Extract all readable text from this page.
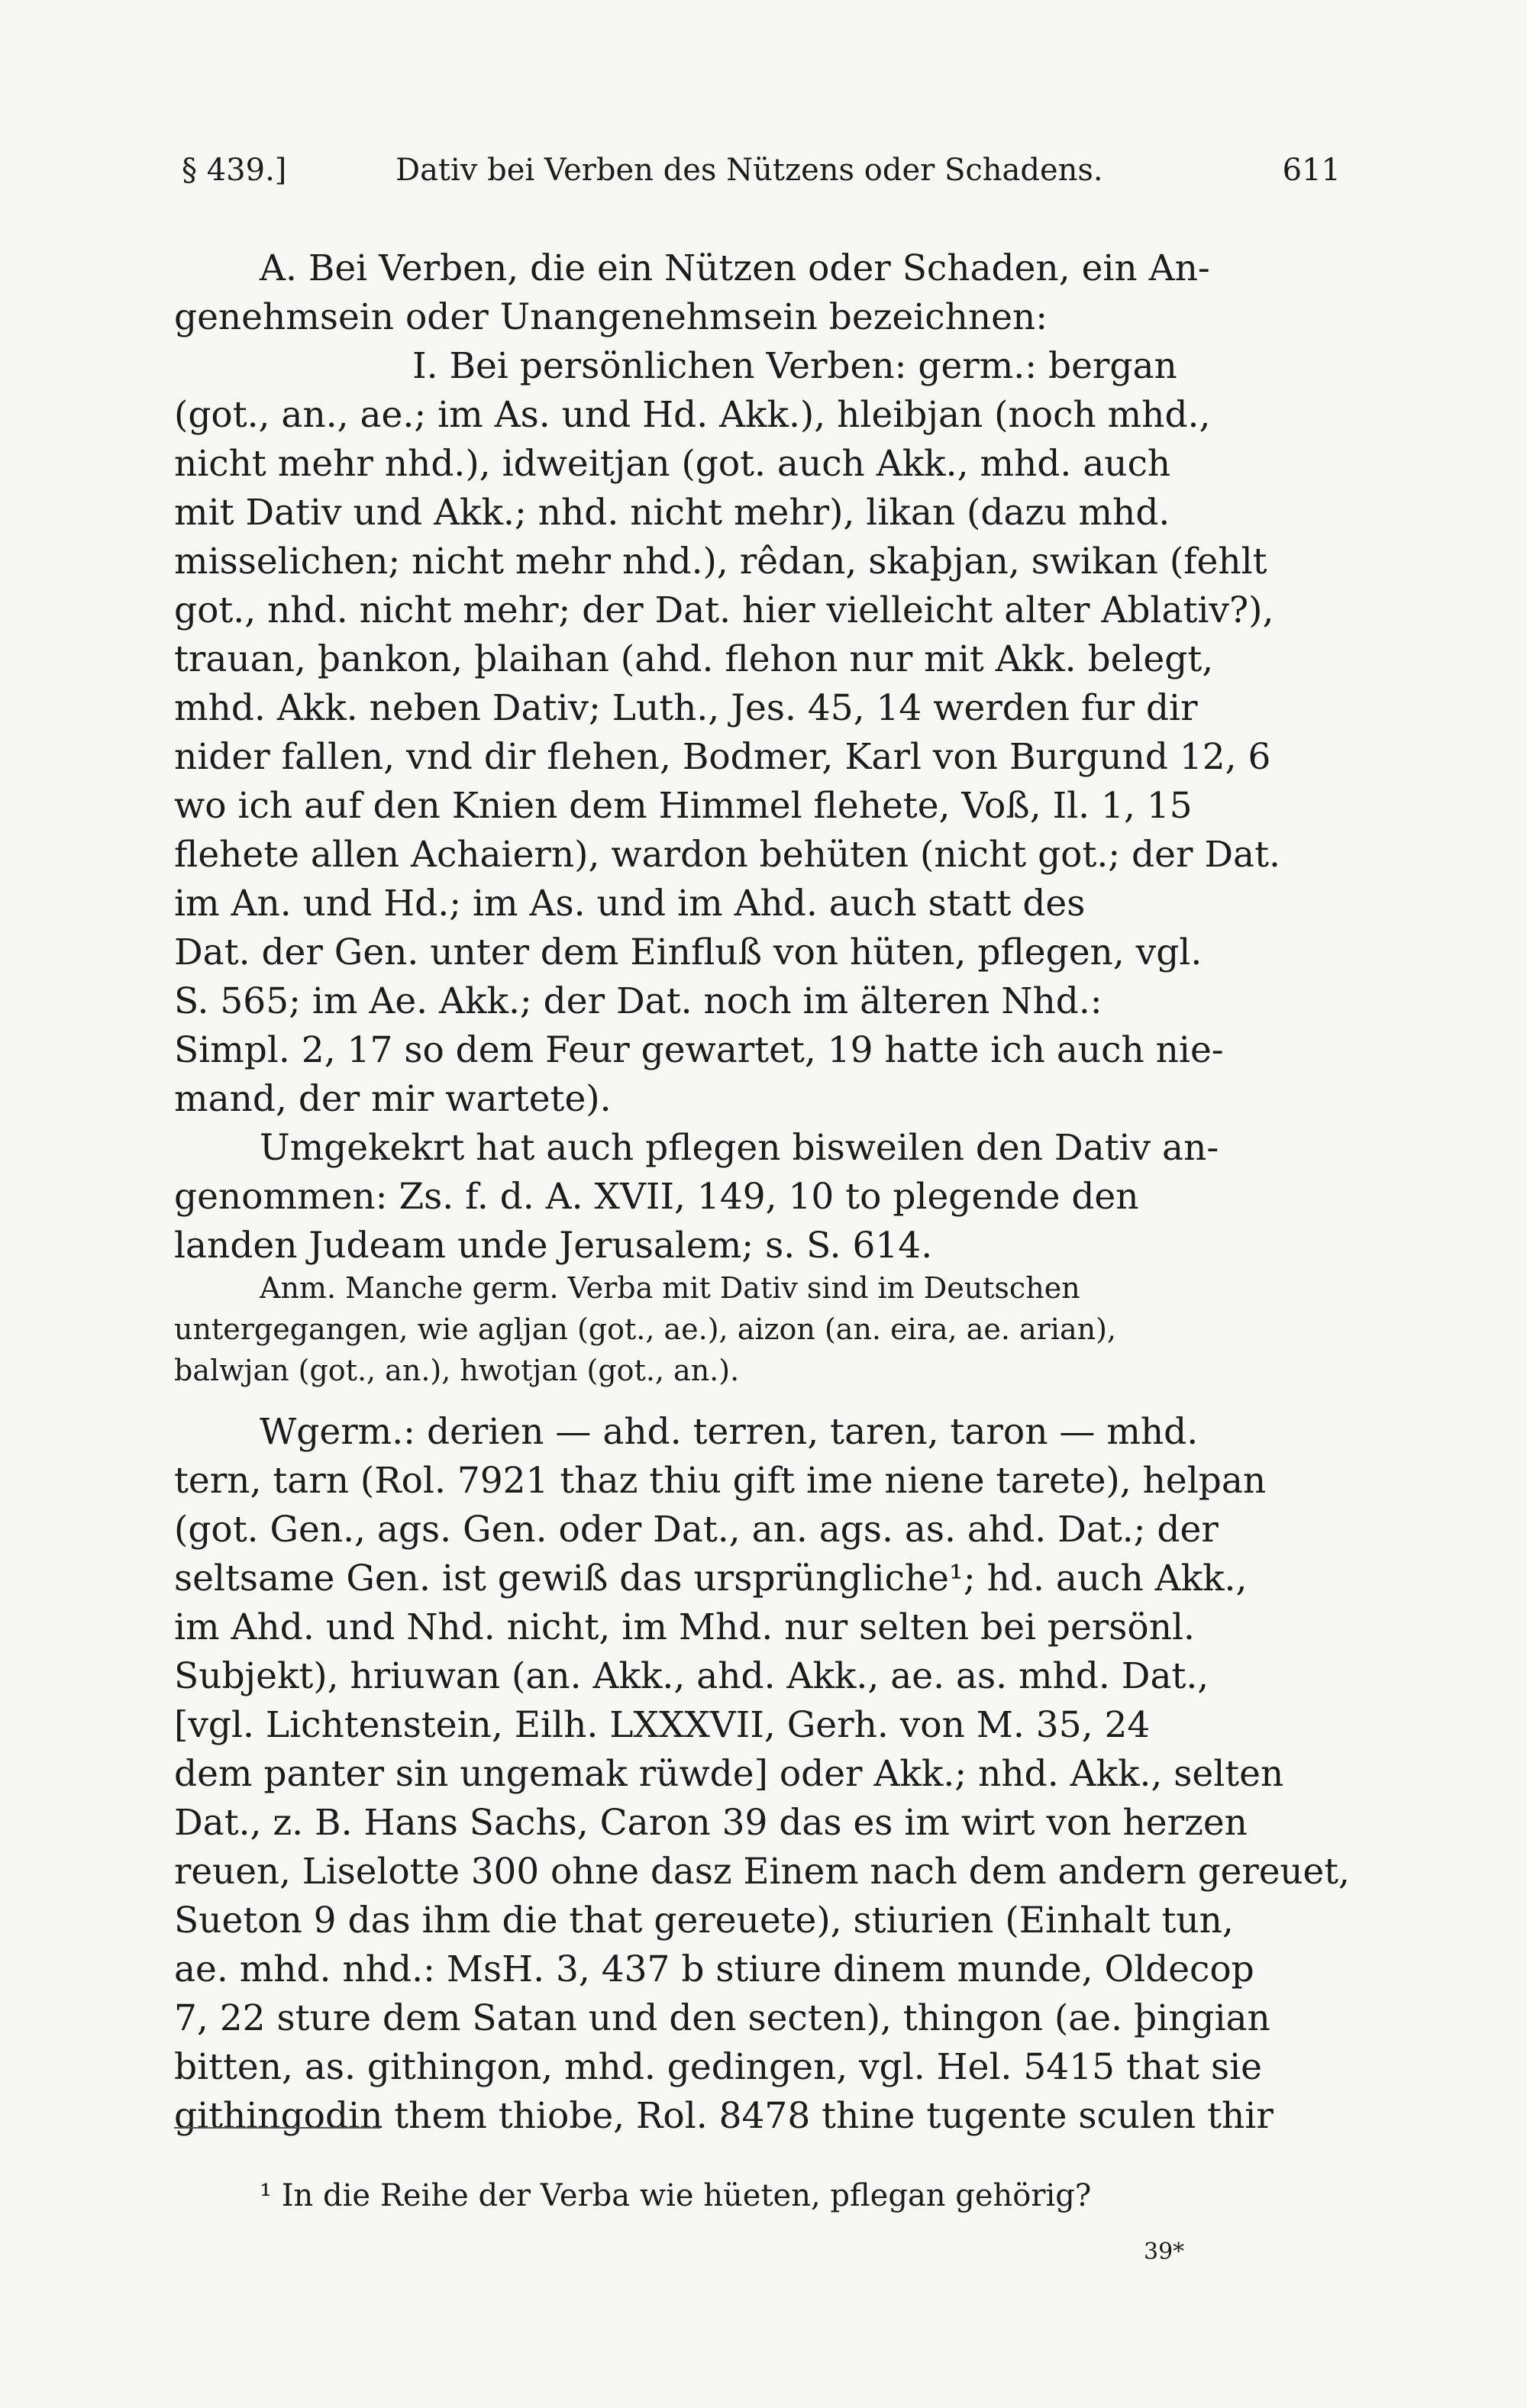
§ 439.]	Dativ bei Verben des Nützens oder Schadens.	611
A. Bei Verben, die ein Nützen oder Schaden, ein An-
genehmsein oder Unangenehmsein bezeichnen:
I. Bei persönlichen Verben: germ.: bergan
(got., an., ae.; im As. und Hd. Akk.), hleibjan (noch mhd.,
nicht mehr nhd.), idweitjan (got. auch Akk., mhd. auch
mit Dativ und Akk.; nhd. nicht mehr), likan (dazu mhd.
misselichen; nicht mehr nhd.), rêdan, skaþjan, swikan (fehlt
got., nhd. nicht mehr; der Dat. hier vielleicht alter Ablativ?),
trauan, þankon, þlaihan (ahd. flehon nur mit Akk. belegt,
mhd. Akk. neben Dativ; Luth., Jes. 45, 14 werden fur dir
nider fallen, vnd dir flehen, Bodmer, Karl von Burgund 12, 6
wo ich auf den Knien dem Himmel flehete, Voß, Il. 1, 15
flehete allen Achaiern), wardon behüten (nicht got.; der Dat.
im An. und Hd.; im As. und im Ahd. auch statt des
Dat. der Gen. unter dem Einfluß von hüten, pflegen, vgl.
S. 565; im Ae. Akk.; der Dat. noch im älteren Nhd.:
Simpl. 2, 17 so dem Feur gewartet, 19 hatte ich auch nie-
mand, der mir wartete).
Umgekekrt hat auch pflegen bisweilen den Dativ an-
genommen: Zs. f. d. A. XVII, 149, 10 to plegende den
landen Judeam unde Jerusalem; s. S. 614.
Anm. Manche germ. Verba mit Dativ sind im Deutschen
untergegangen, wie agljan (got., ae.), aizon (an. eira, ae. arian),
balwjan (got., an.), hwotjan (got., an.).
Wgerm.: derien — ahd. terren, taren, taron — mhd.
tern, tarn (Rol. 7921 thaz thiu gift ime niene tarete), helpan
(got. Gen., ags. Gen. oder Dat., an. ags. as. ahd. Dat.; der
seltsame Gen. ist gewiß das ursprüngliche¹; hd. auch Akk.,
im Ahd. und Nhd. nicht, im Mhd. nur selten bei persönl.
Subjekt), hriuwan (an. Akk., ahd. Akk., ae. as. mhd. Dat.,
[vgl. Lichtenstein, Eilh. LXXXVII, Gerh. von M. 35, 24
dem panter sin ungemak rüwde] oder Akk.; nhd. Akk., selten
Dat., z. B. Hans Sachs, Caron 39 das es im wirt von herzen
reuen, Liselotte 300 ohne dasz Einem nach dem andern gereuet,
Sueton 9 das ihm die that gereuete), stiurien (Einhalt tun,
ae. mhd. nhd.: MsH. 3, 437 b stiure dinem munde, Oldecop
7, 22 sture dem Satan und den secten), thingon (ae. þingian
bitten, as. githingon, mhd. gedingen, vgl. Hel. 5415 that sie
githingodin them thiobe, Rol. 8478 thine tugente sculen thir
¹ In die Reihe der Verba wie hüeten, pflegan gehörig?
39*
